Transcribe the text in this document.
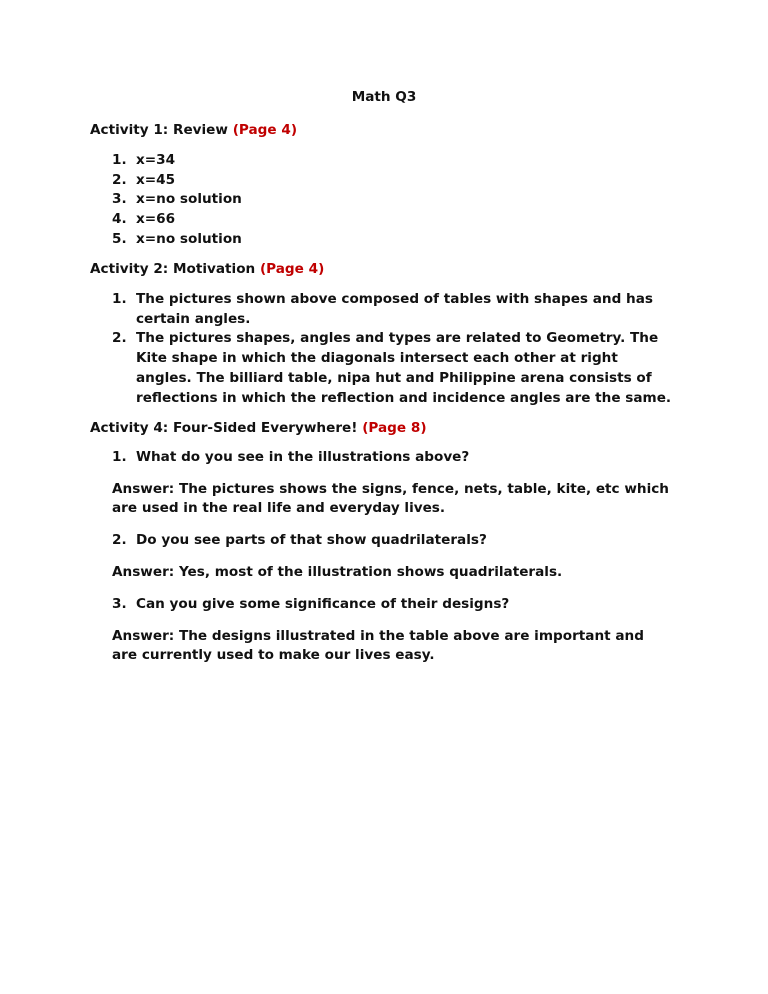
Math Q3
Activity 1: Review (Page 4)
1. x=34
2. x=45
3. x=no solution
4. x=66
5. x=no solution
Activity 2: Motivation (Page 4)
1. The pictures shown above composed of tables with shapes and has certain angles.
2. The pictures shapes, angles and types are related to Geometry. The Kite shape in which the diagonals intersect each other at right angles. The billiard table, nipa hut and Philippine arena consists of reflections in which the reflection and incidence angles are the same.
Activity 4: Four-Sided Everywhere! (Page 8)
1. What do you see in the illustrations above?
Answer: The pictures shows the signs, fence, nets, table, kite, etc which are used in the real life and everyday lives.
2. Do you see parts of that show quadrilaterals?
Answer: Yes, most of the illustration shows quadrilaterals.
3. Can you give some significance of their designs?
Answer: The designs illustrated in the table above are important and are currently used to make our lives easy.
